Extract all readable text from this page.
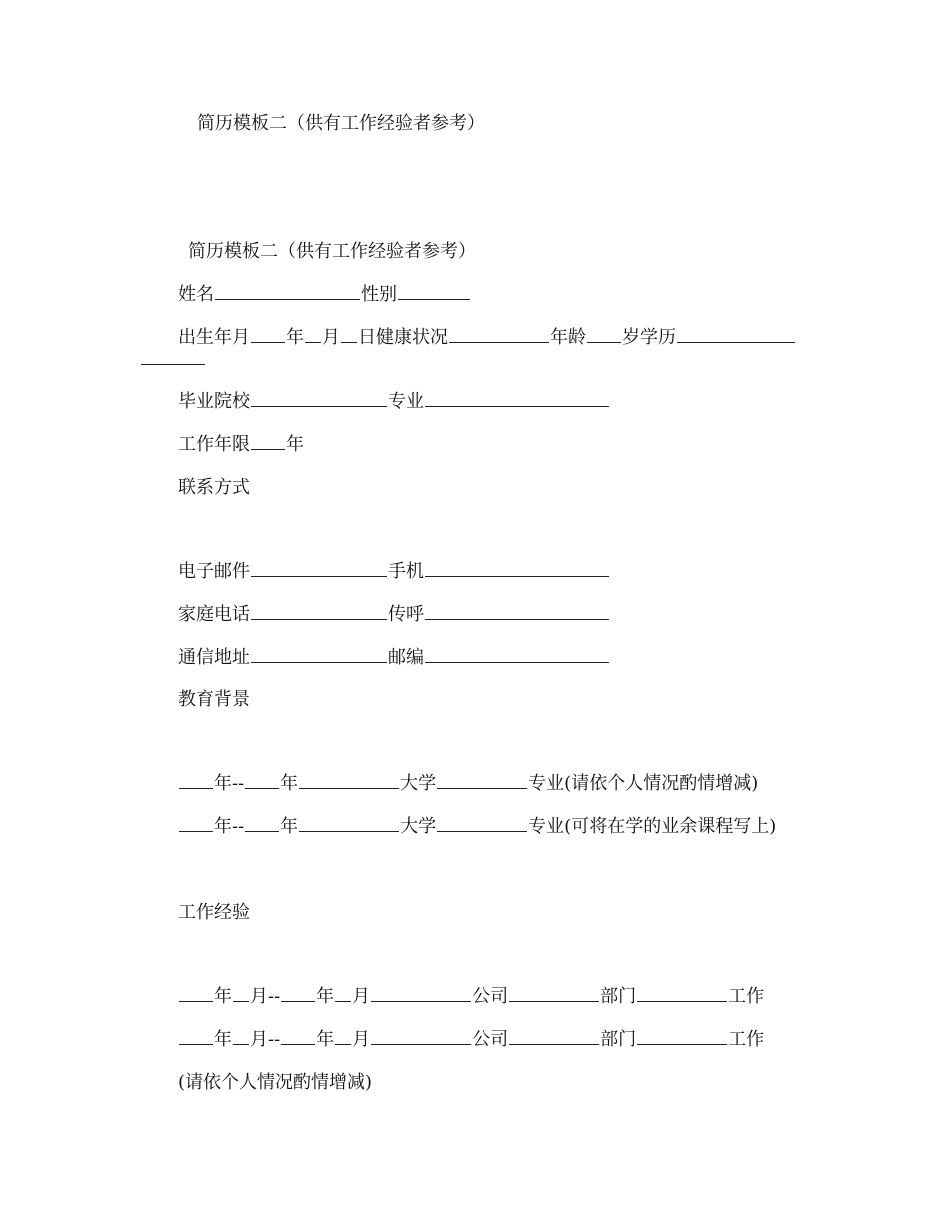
简历模板二（供有工作经验者参考）
简历模板二（供有工作经验者参考）
姓名	性别
出生年月 年 月 日健康状况	年龄 岁学历
毕业院校	专业
工作年限 年
联系方式
电子邮件	手机
家庭电话	传呼
通信地址	邮编
教育背景
年-- 年	大学	专业(请依个人情况酌情增减)
年-- 年	大学	专业(可将在学的业余课程写上)
工作经验
年 月-- 年 月	公司	部门	工作
年 月-- 年 月	公司	部门	工作
(请依个人情况酌情增减)
